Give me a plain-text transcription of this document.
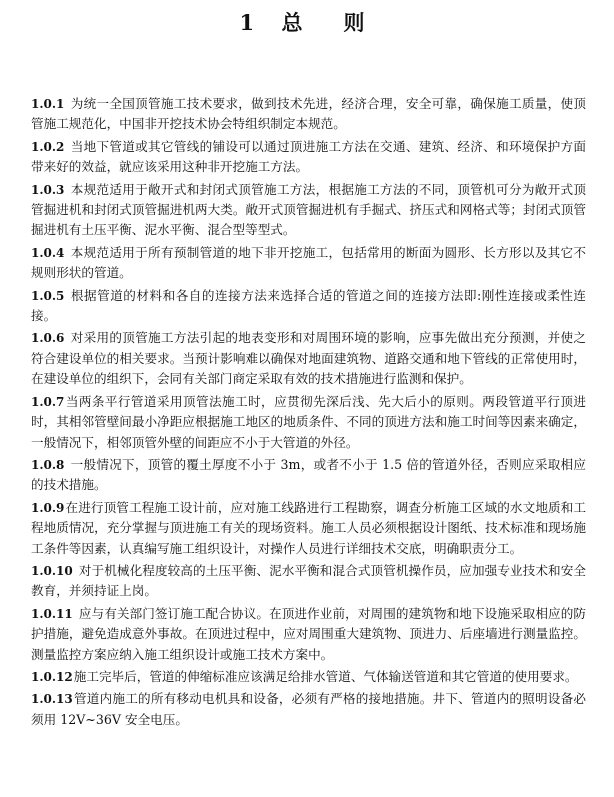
1 总　则

1.0.1 为统一全国顶管施工技术要求，做到技术先进，经济合理，安全可靠，确保施工质量，使顶管施工规范化，中国非开挖技术协会特组织制定本规范。

1.0.2 当地下管道或其它管线的铺设可以通过顶进施工方法在交通、建筑、经济、和环境保护方面带来好的效益，就应该采用这种非开挖施工方法。

1.0.3 本规范适用于敞开式和封闭式顶管施工方法，根据施工方法的不同，顶管机可分为敞开式顶管掘进机和封闭式顶管掘进机两大类。敞开式顶管掘进机有手掘式、挤压式和网格式等；封闭式顶管掘进机有土压平衡、泥水平衡、混合型等型式。

1.0.4 本规范适用于所有预制管道的地下非开挖施工，包括常用的断面为圆形、长方形以及其它不规则形状的管道。

1.0.5 根据管道的材料和各自的连接方法来选择合适的管道之间的连接方法即:刚性连接或柔性连接。

1.0.6 对采用的顶管施工方法引起的地表变形和对周围环境的影响，应事先做出充分预测，并使之符合建设单位的相关要求。当预计影响难以确保对地面建筑物、道路交通和地下管线的正常使用时，在建设单位的组织下，会同有关部门商定采取有效的技术措施进行监测和保护。

1.0.7当两条平行管道采用顶管法施工时，应贯彻先深后浅、先大后小的原则。两段管道平行顶进时，其相邻管壁间最小净距应根据施工地区的地质条件、不同的顶进方法和施工时间等因素来确定，一般情况下，相邻顶管外壁的间距应不小于大管道的外径。

1.0.8 一般情况下，顶管的覆土厚度不小于 3m，或者不小于 1.5 倍的管道外径，否则应采取相应的技术措施。

1.0.9在进行顶管工程施工设计前，应对施工线路进行工程勘察，调查分析施工区域的水文地质和工程地质情况，充分掌握与顶进施工有关的现场资料。施工人员必须根据设计图纸、技术标准和现场施工条件等因素，认真编写施工组织设计，对操作人员进行详细技术交底，明确职责分工。

1.0.10 对于机械化程度较高的土压平衡、泥水平衡和混合式顶管机操作员，应加强专业技术和安全教育，并须持证上岗。

1.0.11 应与有关部门签订施工配合协议。在顶进作业前，对周围的建筑物和地下设施采取相应的防护措施，避免造成意外事故。在顶进过程中，应对周围重大建筑物、顶进力、后座墙进行测量监控。测量监控方案应纳入施工组织设计或施工技术方案中。

1.0.12施工完毕后，管道的伸缩标准应该满足给排水管道、气体输送管道和其它管道的使用要求。

1.0.13管道内施工的所有移动电机具和设备，必须有严格的接地措施。井下、管道内的照明设备必须用 12V~36V 安全电压。
